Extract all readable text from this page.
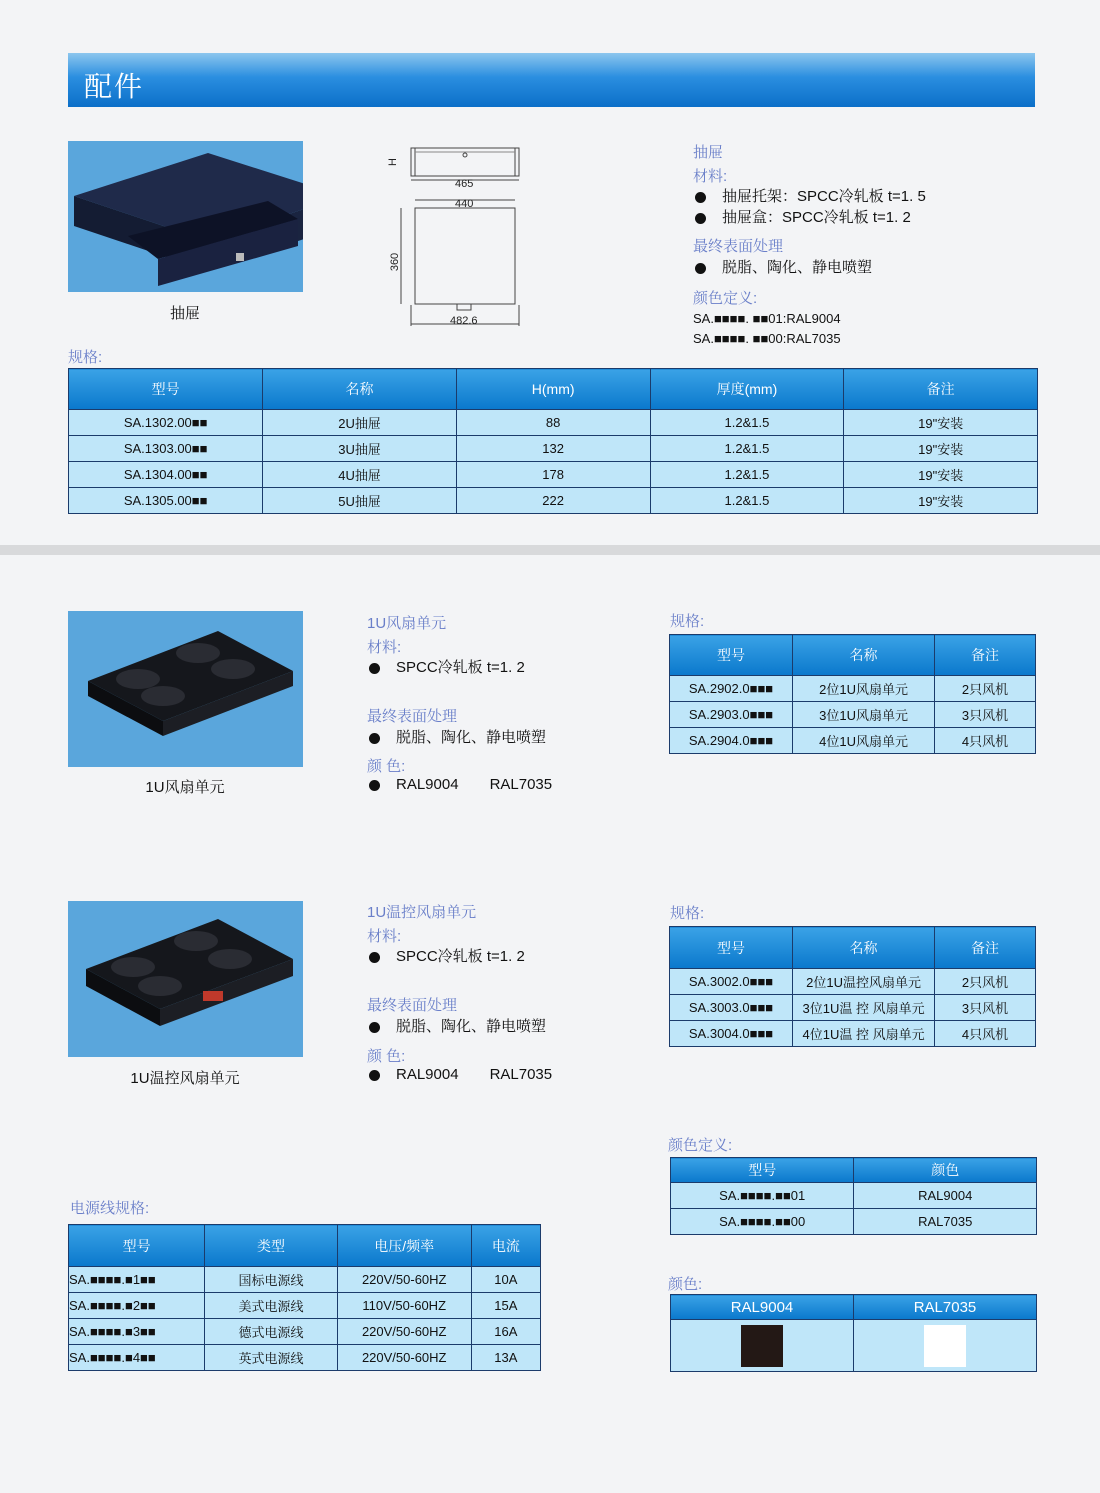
配件
抽屉
H
465
440
360
482.6
抽屉
材料:
抽屉托架：SPCC冷轧板 t=1. 5
抽屉盒：SPCC冷轧板 t=1. 2
最终表面处理
脱脂、陶化、静电喷塑
颜色定义:
SA.■■■■. ■■01:RAL9004
SA.■■■■. ■■00:RAL7035
规格:
型号	名称	H(mm)	厚度(mm)	备注
SA.1302.00■■	2U抽屉	88	1.2&1.5	19"安装
SA.1303.00■■	3U抽屉	132	1.2&1.5	19"安装
SA.1304.00■■	4U抽屉	178	1.2&1.5	19"安装
SA.1305.00■■	5U抽屉	222	1.2&1.5	19"安装
1U风扇单元
1U风扇单元
材料:
SPCC冷轧板 t=1. 2
最终表面处理
脱脂、陶化、静电喷塑
颜 色:
RAL9004 RAL7035
规格:
型号	名称	备注
SA.2902.0■■■	2位1U风扇单元	2只风机
SA.2903.0■■■	3位1U风扇单元	3只风机
SA.2904.0■■■	4位1U风扇单元	4只风机
1U温控风扇单元
1U温控风扇单元
材料:
SPCC冷轧板 t=1. 2
最终表面处理
脱脂、陶化、静电喷塑
颜 色:
RAL9004 RAL7035
规格:
型号	名称	备注
SA.3002.0■■■	2位1U温控风扇单元	2只风机
SA.3003.0■■■	3位1U温 控 风扇单元	3只风机
SA.3004.0■■■	4位1U温 控 风扇单元	4只风机
颜色定义:
型号	颜色
SA.■■■■.■■01	RAL9004
SA.■■■■.■■00	RAL7035
电源线规格:
型号	类型	电压/频率	电流
SA.■■■■.■1■■	国标电源线	220V/50-60HZ	10A
SA.■■■■.■2■■	美式电源线	110V/50-60HZ	15A
SA.■■■■.■3■■	德式电源线	220V/50-60HZ	16A
SA.■■■■.■4■■	英式电源线	220V/50-60HZ	13A
颜色:
RAL9004	RAL7035
